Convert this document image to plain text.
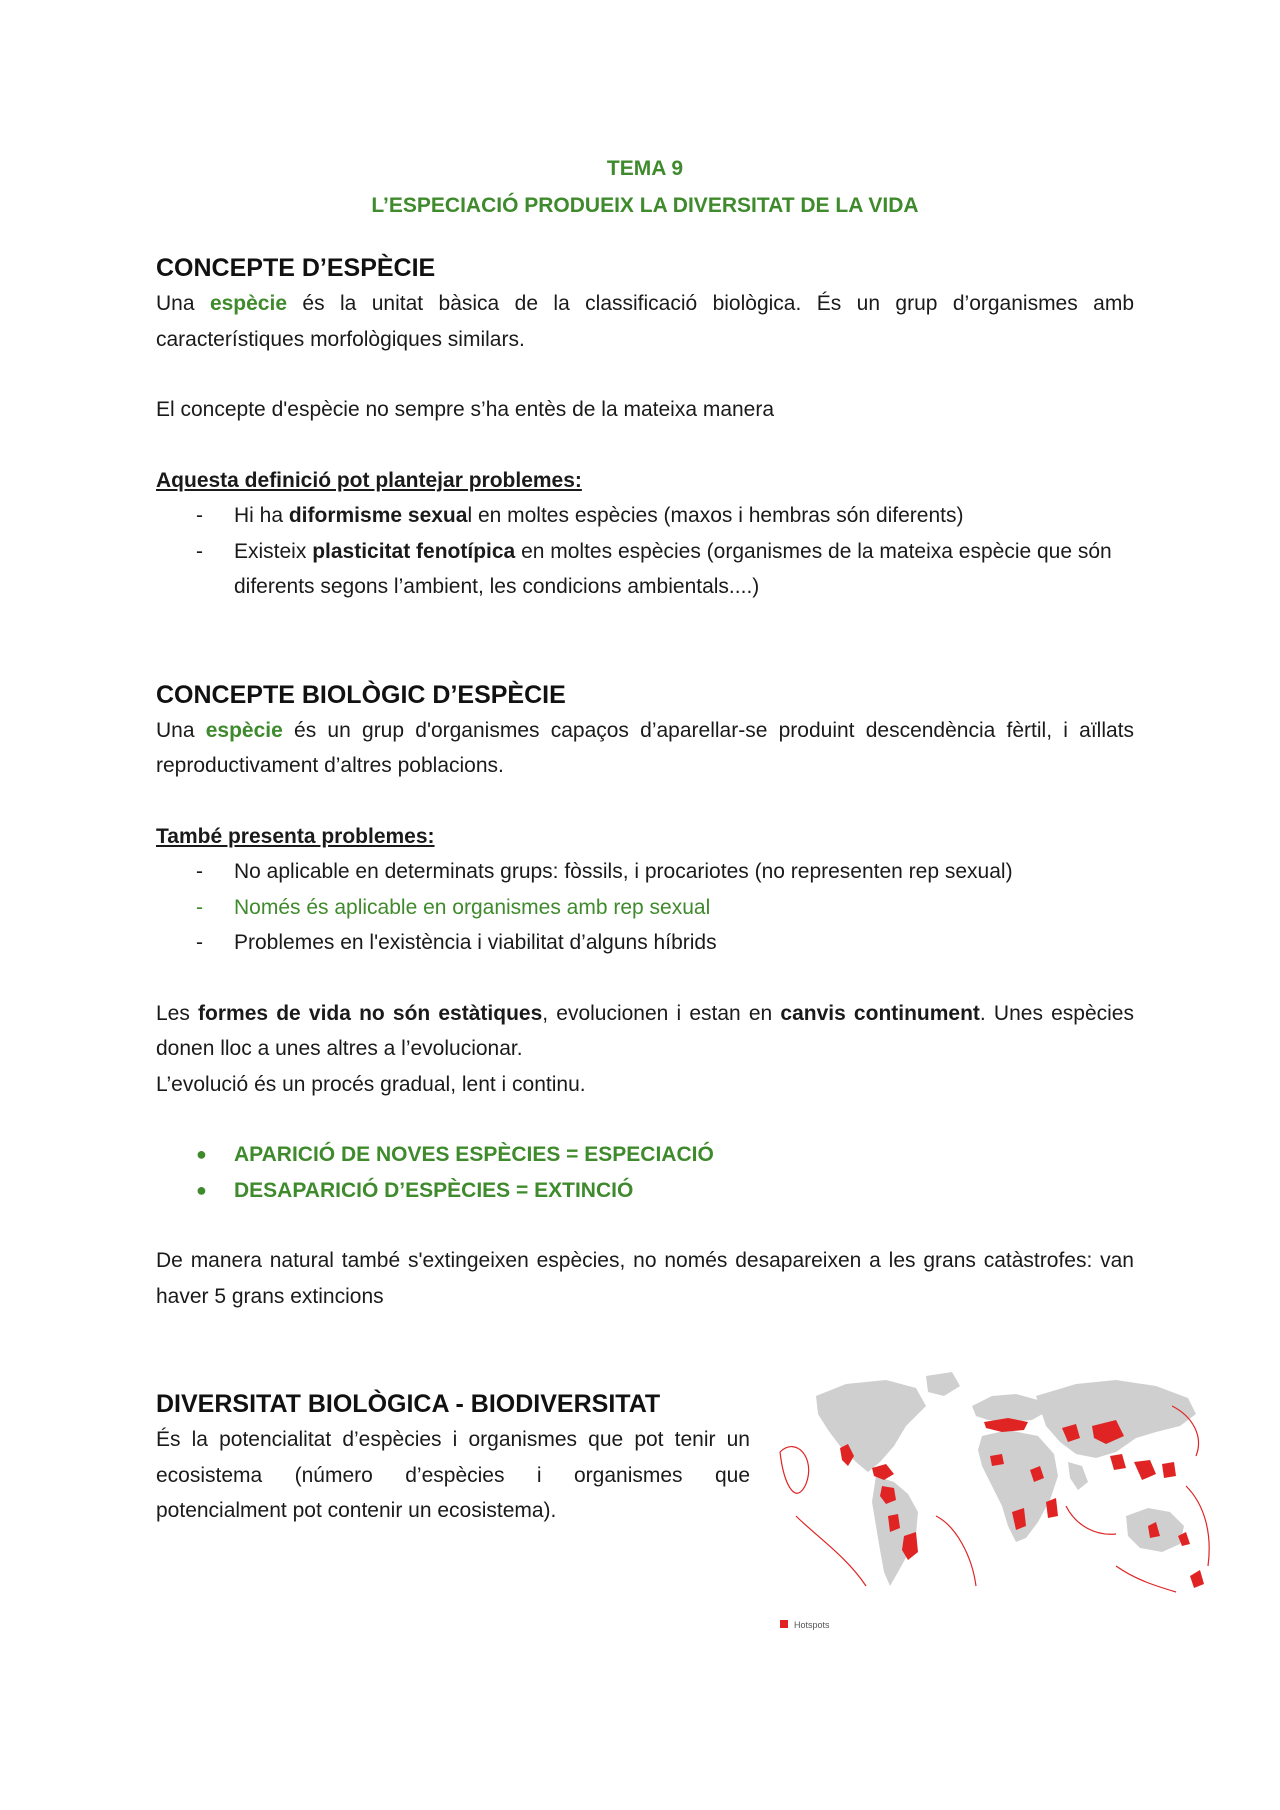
TEMA 9
L’ESPECIACIÓ PRODUEIX LA DIVERSITAT DE LA VIDA
CONCEPTE D’ESPÈCIE

Una espècie és la unitat bàsica de la classificació biològica. És un grup d’organismes amb característiques morfològiques similars.

El concepte d'espècie no sempre s’ha entès de la mateixa manera

Aquesta definició pot plantejar problemes:

- Hi ha diformisme sexual en moltes espècies (maxos i hembras són diferents)
- Existeix plasticitat fenotípica en moltes espècies (organismes de la mateixa espècie que són diferents segons l’ambient, les condicions ambientals....)
CONCEPTE BIOLÒGIC D’ESPÈCIE

Una espècie és un grup d'organismes capaços d’aparellar-se produint descendència fèrtil, i aïllats reproductivament d’altres poblacions.

També presenta problemes:

- No aplicable en determinats grups: fòssils, i procariotes (no representen rep sexual)
- Només és aplicable en organismes amb rep sexual
- Problemes en l'existència i viabilitat d’alguns híbrids

Les formes de vida no són estàtiques, evolucionen i estan en canvis continument. Unes espècies donen lloc a unes altres a l’evolucionar.

L’evolució és un procés gradual, lent i continu.

● APARICIÓ DE NOVES ESPÈCIES = ESPECIACIÓ
● DESAPARICIÓ D’ESPÈCIES = EXTINCIÓ

De manera natural també s'extingeixen espècies, no només desapareixen a les grans catàstrofes: van haver 5 grans extincions

DIVERSITAT BIOLÒGICA - BIODIVERSITAT

És la potencialitat d’espècies i organismes que pot tenir un ecosistema (número d’espècies i organismes que potencialment pot contenir un ecosistema).

Hotspots
